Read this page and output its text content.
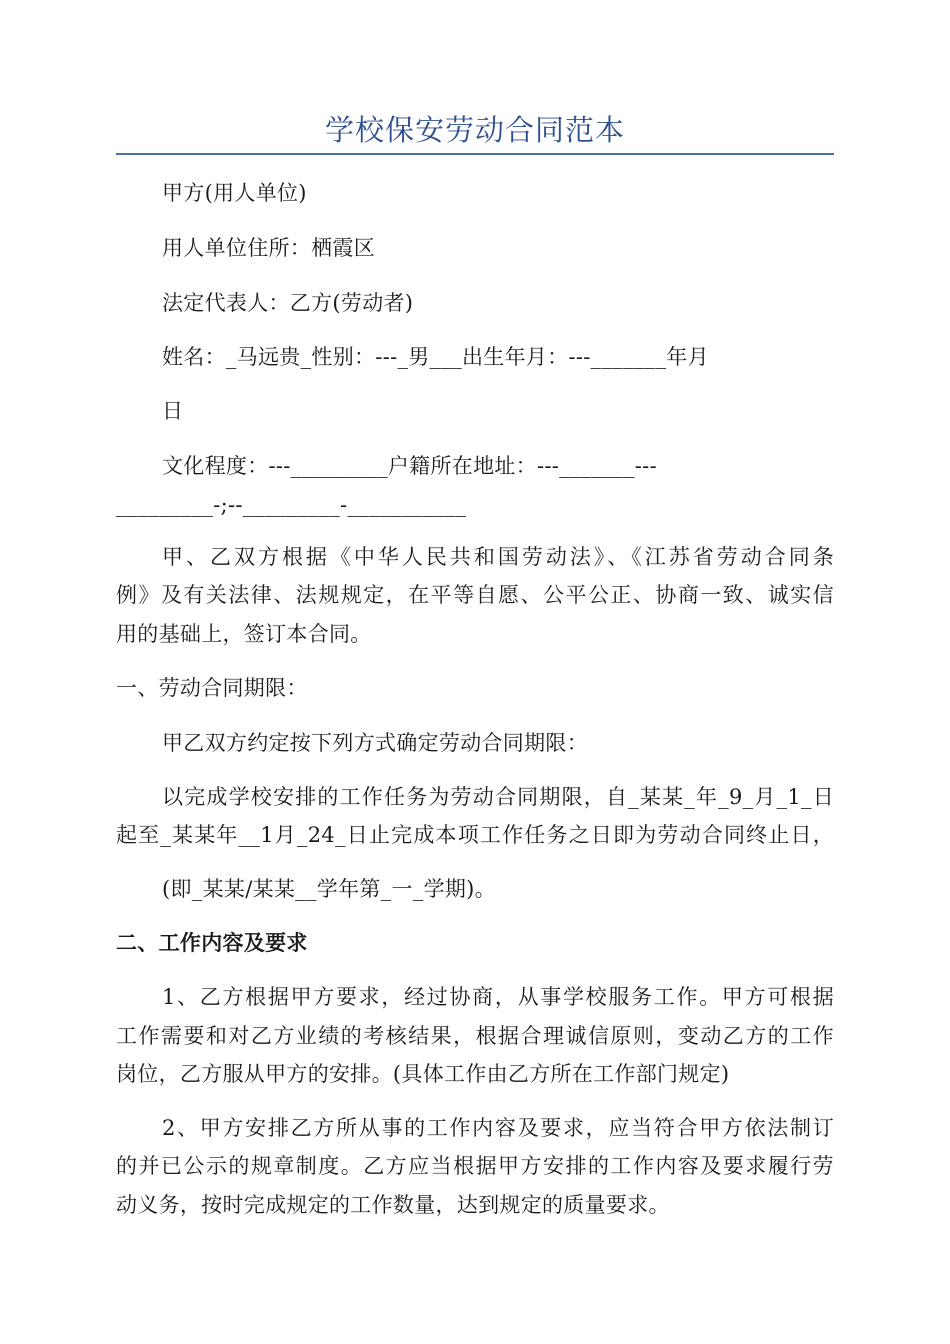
学校保安劳动合同范本
甲方(用人单位)
用人单位住所：栖霞区
法定代表人：乙方(劳动者)
姓名：_马远贵_性别：---_男___出生年月：---_______年月
日
文化程度：---_________户籍所在地址：---_______---
_________-;--_________-___________
甲、乙双方根据《中华人民共和国劳动法》、《江苏省劳动合同条
例》及有关法律、法规规定，在平等自愿、公平公正、协商一致、诚实信
用的基础上，签订本合同。
一、劳动合同期限：
甲乙双方约定按下列方式确定劳动合同期限：
以完成学校安排的工作任务为劳动合同期限，自_某某_年_9_月_1_日
起至_某某年__1月_24_日止完成本项工作任务之日即为劳动合同终止日，
(即_某某/某某__学年第_一_学期)。
二、工作内容及要求
1、乙方根据甲方要求，经过协商，从事学校服务工作。甲方可根据
工作需要和对乙方业绩的考核结果，根据合理诚信原则，变动乙方的工作
岗位，乙方服从甲方的安排。(具体工作由乙方所在工作部门规定)
2、甲方安排乙方所从事的工作内容及要求，应当符合甲方依法制订
的并已公示的规章制度。乙方应当根据甲方安排的工作内容及要求履行劳
动义务，按时完成规定的工作数量，达到规定的质量要求。
